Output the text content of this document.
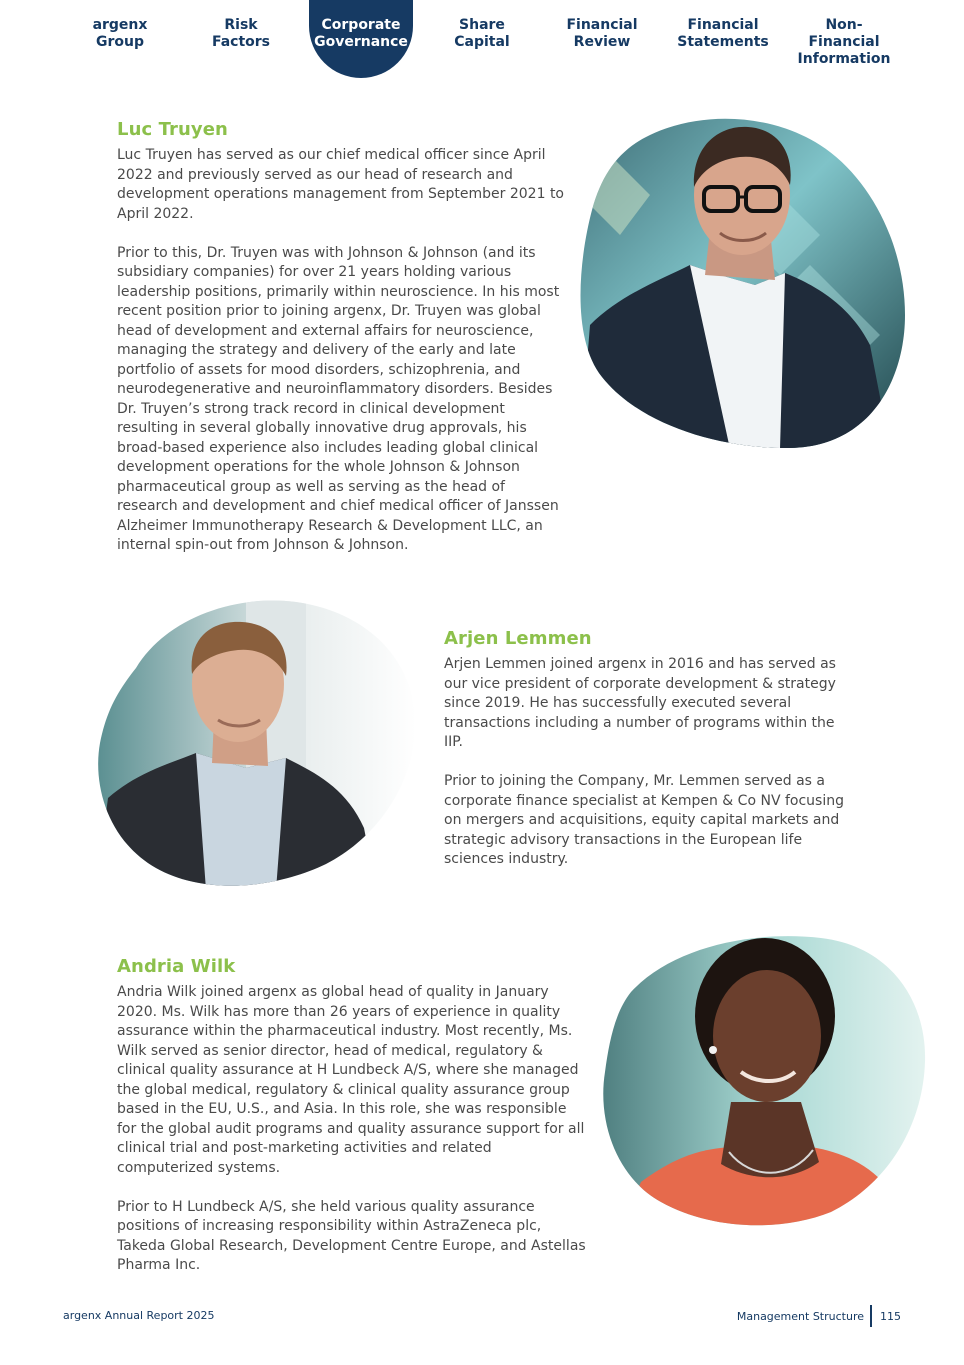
argenx
Group
Risk
Factors
Corporate
Governance
Share
Capital
Financial
Review
Financial
Statements
Non-Financial
Information
Luc Truyen

Luc Truyen has served as our chief medical officer since April 2022 and previously served as our head of research and development operations management from September 2021 to April 2022.

Prior to this, Dr. Truyen was with Johnson & Johnson (and its subsidiary companies) for over 21 years holding various leadership positions, primarily within neuroscience. In his most recent position prior to joining argenx, Dr. Truyen was global head of development and external affairs for neuroscience, managing the strategy and delivery of the early and late portfolio of assets for mood disorders, schizophrenia, and neurodegenerative and neuroinflammatory disorders. Besides Dr. Truyen’s strong track record in clinical development resulting in several globally innovative drug approvals, his broad-based experience also includes leading global clinical development operations for the whole Johnson & Johnson pharmaceutical group as well as serving as the head of research and development and chief medical officer of Janssen Alzheimer Immunotherapy Research & Development LLC, an internal spin-out from Johnson & Johnson.

Arjen Lemmen

Arjen Lemmen joined argenx in 2016 and has served as our vice president of corporate development & strategy since 2019. He has successfully executed several transactions including a number of programs within the IIP.

Prior to joining the Company, Mr. Lemmen served as a corporate finance specialist at Kempen & Co NV focusing on mergers and acquisitions, equity capital markets and strategic advisory transactions in the European life sciences industry.

Andria Wilk

Andria Wilk joined argenx as global head of quality in January 2020. Ms. Wilk has more than 26 years of experience in quality assurance within the pharmaceutical industry. Most recently, Ms. Wilk served as senior director, head of medical, regulatory & clinical quality assurance at H Lundbeck A/S, where she managed the global medical, regulatory & clinical quality assurance group based in the EU, U.S., and Asia. In this role, she was responsible for the global audit programs and quality assurance support for all clinical trial and post-marketing activities and related computerized systems.

Prior to H Lundbeck A/S, she held various quality assurance positions of increasing responsibility within AstraZeneca plc, Takeda Global Research, Development Centre Europe, and Astellas Pharma Inc.

argenx Annual Report 2025	Management Structure 115
